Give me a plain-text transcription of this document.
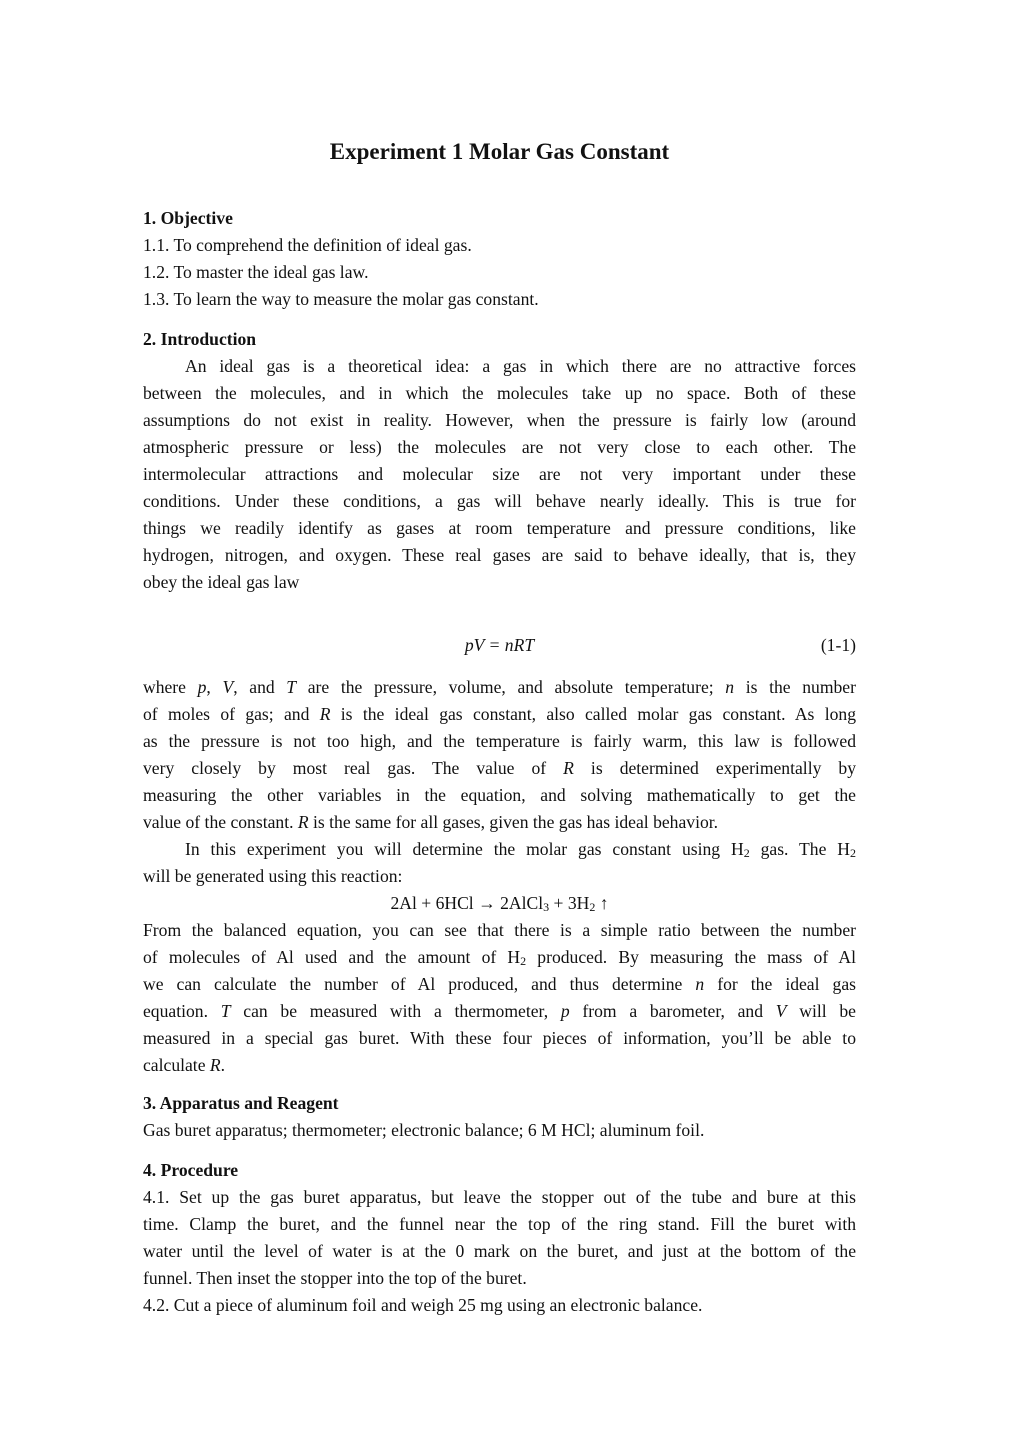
Experiment 1 Molar Gas Constant
1. Objective
1.1. To comprehend the definition of ideal gas.
1.2. To master the ideal gas law.
1.3. To learn the way to measure the molar gas constant.
2. Introduction
An ideal gas is a theoretical idea: a gas in which there are no attractive forces
between the molecules, and in which the molecules take up no space. Both of these
assumptions do not exist in reality. However, when the pressure is fairly low (around
atmospheric pressure or less) the molecules are not very close to each other. The
intermolecular attractions and molecular size are not very important under these
conditions. Under these conditions, a gas will behave nearly ideally. This is true for
things we readily identify as gases at room temperature and pressure conditions, like
hydrogen, nitrogen, and oxygen. These real gases are said to behave ideally, that is, they
obey the ideal gas law
pV = nRT	(1-1)
where p, V, and T are the pressure, volume, and absolute temperature; n is the number
of moles of gas; and R is the ideal gas constant, also called molar gas constant. As long
as the pressure is not too high, and the temperature is fairly warm, this law is followed
very closely by most real gas. The value of R is determined experimentally by
measuring the other variables in the equation, and solving mathematically to get the
value of the constant. R is the same for all gases, given the gas has ideal behavior.
In this experiment you will determine the molar gas constant using $H_2$ gas. The $H_2$
will be generated using this reaction:
2Al + 6HCl → 2AlCl$_3$ + $3H_2$ ↑
From the balanced equation, you can see that there is a simple ratio between the number
of molecules of Al used and the amount of $H_2$ produced. By measuring the mass of Al
we can calculate the number of Al produced, and thus determine n for the ideal gas
equation. T can be measured with a thermometer, p from a barometer, and V will be
measured in a special gas buret. With these four pieces of information, you’ll be able to
calculate R.
3. Apparatus and Reagent
Gas buret apparatus; thermometer; electronic balance; 6 M HCl; aluminum foil.
4. Procedure
4.1. Set up the gas buret apparatus, but leave the stopper out of the tube and bure at this
time. Clamp the buret, and the funnel near the top of the ring stand. Fill the buret with
water until the level of water is at the 0 mark on the buret, and just at the bottom of the
funnel. Then inset the stopper into the top of the buret.
4.2. Cut a piece of aluminum foil and weigh 25 mg using an electronic balance.
